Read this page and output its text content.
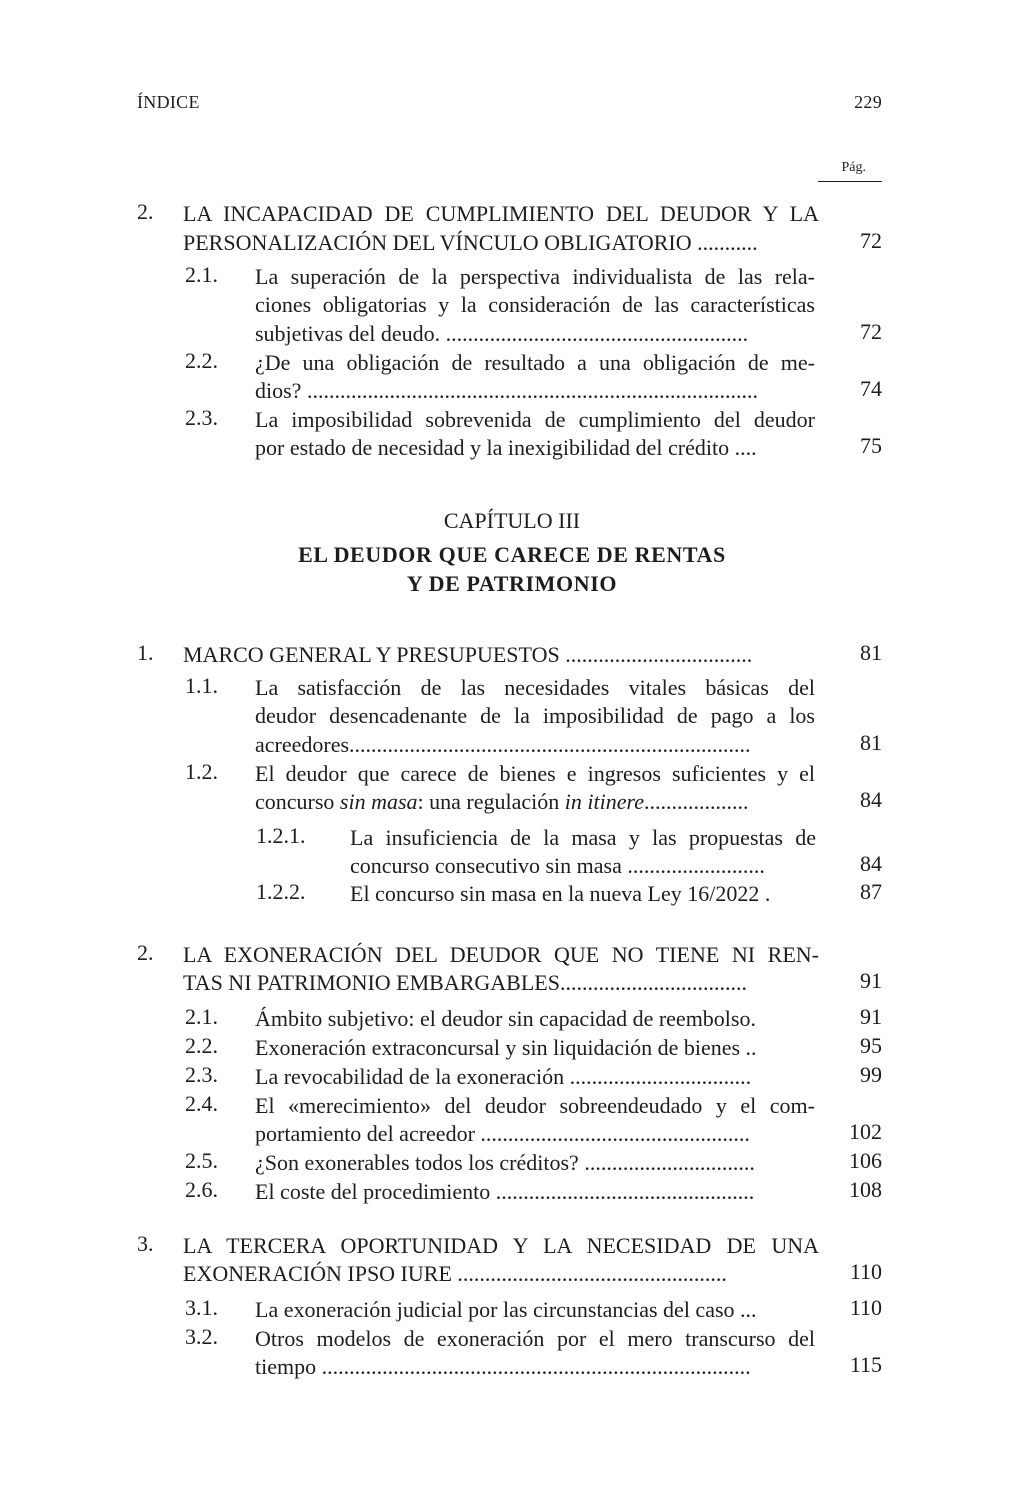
ÍNDICE	229
Pág.
2. LA INCAPACIDAD DE CUMPLIMIENTO DEL DEUDOR Y LA
PERSONALIZACIÓN DEL VÍNCULO OBLIGATORIO ...........	72
2.1. La superación de la perspectiva individualista de las rela-
ciones obligatorias y la consideración de las características
subjetivas del deudo. .......................................................	72
2.2. ¿De una obligación de resultado a una obligación de me-
dios? ..................................................................................	74
2.3. La imposibilidad sobrevenida de cumplimiento del deudor
por estado de necesidad y la inexigibilidad del crédito ....	75
CAPÍTULO III
EL DEUDOR QUE CARECE DE RENTAS
Y DE PATRIMONIO
1. MARCO GENERAL Y PRESUPUESTOS ..................................	81
1.1. La satisfacción de las necesidades vitales básicas del
deudor desencadenante de la imposibilidad de pago a los
acreedores.........................................................................	81
1.2. El deudor que carece de bienes e ingresos suficientes y el
concurso sin masa: una regulación in itinere...................	84
1.2.1. La insuficiencia de la masa y las propuestas de
concurso consecutivo sin masa .........................	84
1.2.2. El concurso sin masa en la nueva Ley 16/2022 .	87
2. LA EXONERACIÓN DEL DEUDOR QUE NO TIENE NI REN-
TAS NI PATRIMONIO EMBARGABLES..................................	91
2.1. Ámbito subjetivo: el deudor sin capacidad de reembolso.	91
2.2. Exoneración extraconcursal y sin liquidación de bienes ..	95
2.3. La revocabilidad de la exoneración .................................	99
2.4. El «merecimiento» del deudor sobreendeudado y el com-
portamiento del acreedor .................................................	102
2.5. ¿Son exonerables todos los créditos? ...............................	106
2.6. El coste del procedimiento ...............................................	108
3. LA TERCERA OPORTUNIDAD Y LA NECESIDAD DE UNA
EXONERACIÓN IPSO IURE .................................................	110
3.1. La exoneración judicial por las circunstancias del caso ...	110
3.2. Otros modelos de exoneración por el mero transcurso del
tiempo ..............................................................................	115
